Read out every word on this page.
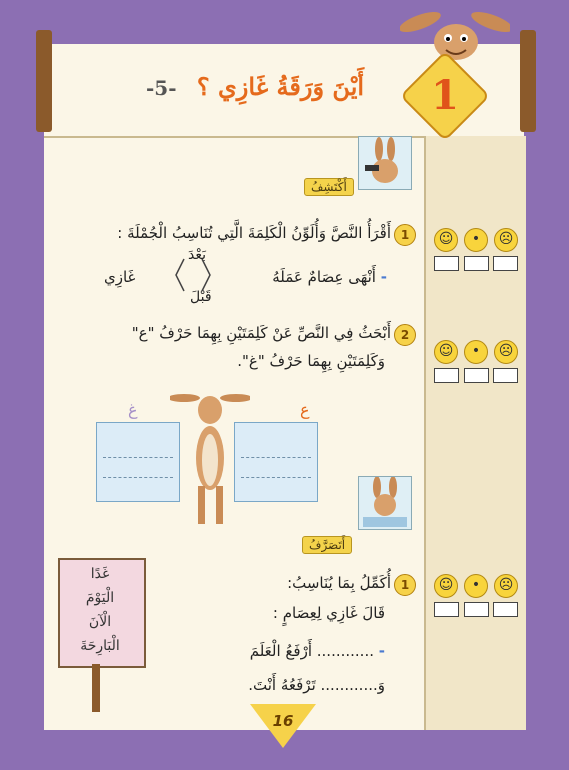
أَيْنَ وَرَقَةُ غَازِي ؟ -5-	1
أَكْتَشِفُ
1
أَقْرَأُ النَّصَّ وَأُلَوِّنُ الْكَلِمَةَ الَّتِي تُنَاسِبُ الْجُمْلَةَ :
- أَنْهَى عِصَامٌ عَمَلَهُ
بَعْدَ
قَبْلَ
غَازِي
☺	•	☹
2
أَبْحَثُ فِي النَّصِّ عَنْ كَلِمَتَيْنِ بِهِمَا حَرْفُ "ع"
وَكَلِمَتَيْنِ بِهِمَا حَرْفُ "غ".
☺	•	☹
ع
غ
أَتَصَرَّفُ
1
أُكَمِّلُ بِمَا يُنَاسِبُ:
قَالَ غَازِي لِعِصَامٍ :
- ............ أَرْفَعُ الْعَلَمَ
وَ............ تَرْفَعُهُ أَنْتَ.
☺	•	☹
غَدًا
الْيَوْمَ
الْآنَ
الْبَارِحَةَ
16
